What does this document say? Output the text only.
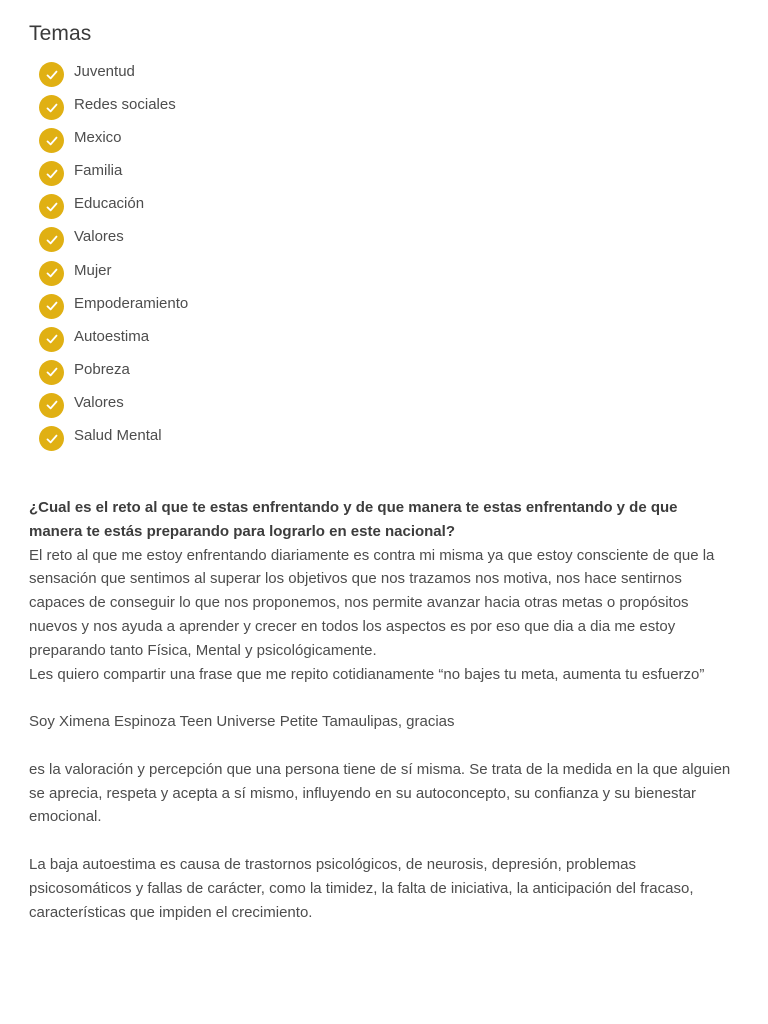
Temas
Juventud
Redes sociales
Mexico
Familia
Educación
Valores
Mujer
Empoderamiento
Autoestima
Pobreza
Valores
Salud Mental

¿Cual es el reto al que te estas enfrentando y de que manera te estas enfrentando y de que manera te estás preparando para lograrlo en este nacional?

El reto al que me estoy enfrentando diariamente es contra mi misma ya que estoy consciente de que la sensación que sentimos al superar los objetivos que nos trazamos nos motiva, nos hace sentirnos capaces de conseguir lo que nos proponemos, nos permite avanzar hacia otras metas o propósitos nuevos y nos ayuda a aprender y crecer en todos los aspectos es por eso que dia a dia me estoy preparando tanto Física, Mental y psicológicamente.

Les quiero compartir una frase que me repito cotidianamente “no bajes tu meta, aumenta tu esfuerzo”

Soy Ximena Espinoza Teen Universe Petite Tamaulipas, gracias

es la valoración y percepción que una persona tiene de sí misma. Se trata de la medida en la que alguien se aprecia, respeta y acepta a sí mismo, influyendo en su autoconcepto, su confianza y su bienestar emocional.

La baja autoestima es causa de trastornos psicológicos, de neurosis, depresión, problemas psicosomáticos y fallas de carácter, como la timidez, la falta de iniciativa, la anticipación del fracaso, características que impiden el crecimiento.
